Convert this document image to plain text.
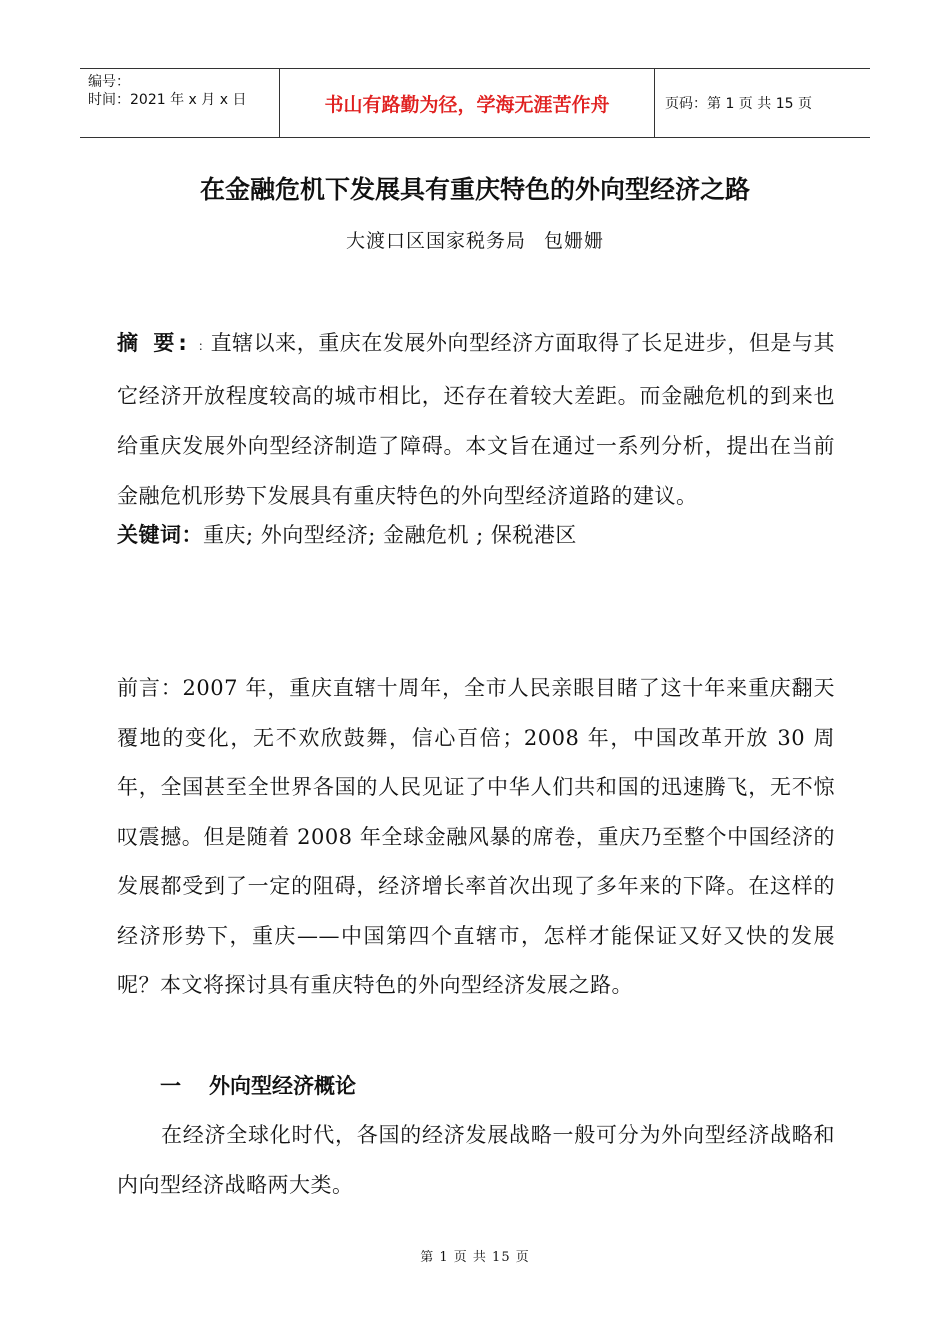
编号：
时间：2021 年 x 月 x 日	书山有路勤为径，学海无涯苦作舟	页码：第 1 页 共 15 页
在金融危机下发展具有重庆特色的外向型经济之路
大渡口区国家税务局 包姗姗
摘 要: ：直辖以来，重庆在发展外向型经济方面取得了长足进步，但是与其它经济开放程度较高的城市相比，还存在着较大差距。而金融危机的到来也给重庆发展外向型经济制造了障碍。本文旨在通过一系列分析，提出在当前金融危机形势下发展具有重庆特色的外向型经济道路的建议。
关键词：重庆; 外向型经济; 金融危机 ; 保税港区
前言：2007 年，重庆直辖十周年，全市人民亲眼目睹了这十年来重庆翻天覆地的变化，无不欢欣鼓舞，信心百倍；2008 年，中国改革开放 30 周年，全国甚至全世界各国的人民见证了中华人们共和国的迅速腾飞，无不惊叹震撼。但是随着 2008 年全球金融风暴的席卷，重庆乃至整个中国经济的发展都受到了一定的阻碍，经济增长率首次出现了多年来的下降。在这样的经济形势下，重庆——中国第四个直辖市，怎样才能保证又好又快的发展呢？本文将探讨具有重庆特色的外向型经济发展之路。
一 外向型经济概论
在经济全球化时代，各国的经济发展战略一般可分为外向型经济战略和内向型经济战略两大类。
第 1 页 共 15 页
